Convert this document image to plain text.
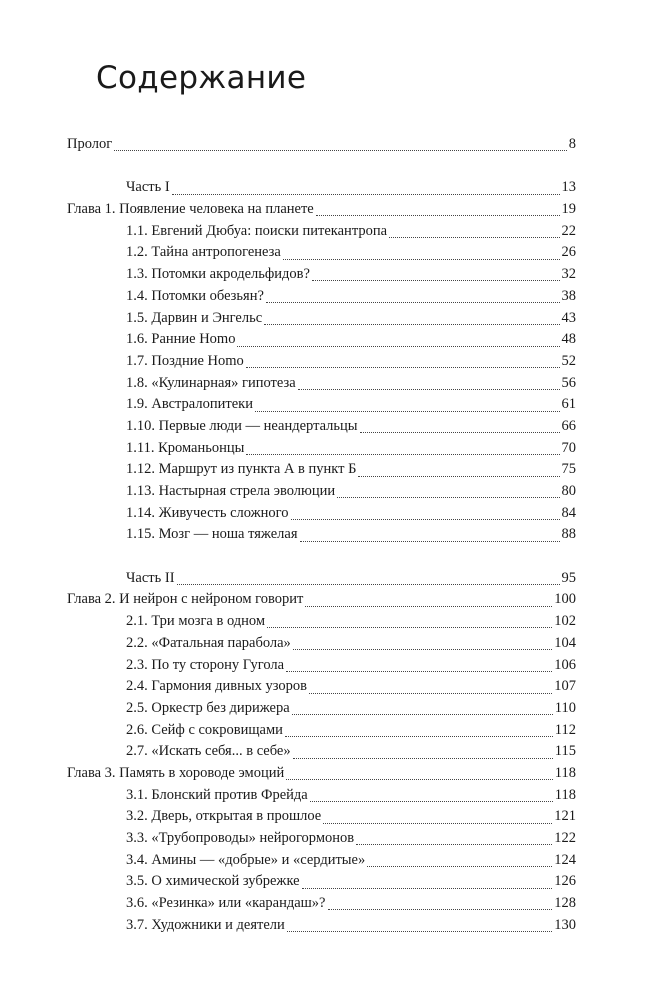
Содержание
Пролог	8
Часть I	13
Глава 1. Появление человека на планете	19
1.1. Евгений Дюбуа: поиски питекантропа	22
1.2. Тайна антропогенеза	26
1.3. Потомки акродельфидов?	32
1.4. Потомки обезьян?	38
1.5. Дарвин и Энгельс	43
1.6. Ранние Homo	48
1.7. Поздние Homo	52
1.8. «Кулинарная» гипотеза	56
1.9. Австралопитеки	61
1.10. Первые люди — неандертальцы	66
1.11. Кроманьонцы	70
1.12. Маршрут из пункта А в пункт Б	75
1.13. Настырная стрела эволюции	80
1.14. Живучесть сложного	84
1.15. Мозг — ноша тяжелая	88
Часть II	95
Глава 2. И нейрон с нейроном говорит	100
2.1. Три мозга в одном	102
2.2. «Фатальная парабола»	104
2.3. По ту сторону Гугола	106
2.4. Гармония дивных узоров	107
2.5. Оркестр без дирижера	110
2.6. Сейф с сокровищами	112
2.7. «Искать себя... в себе»	115
Глава 3. Память в хороводе эмоций	118
3.1. Блонский против Фрейда	118
3.2. Дверь, открытая в прошлое	121
3.3. «Трубопроводы» нейрогормонов	122
3.4. Амины — «добрые» и «сердитые»	124
3.5. О химической зубрежке	126
3.6. «Резинка» или «карандаш»?	128
3.7. Художники и деятели	130
